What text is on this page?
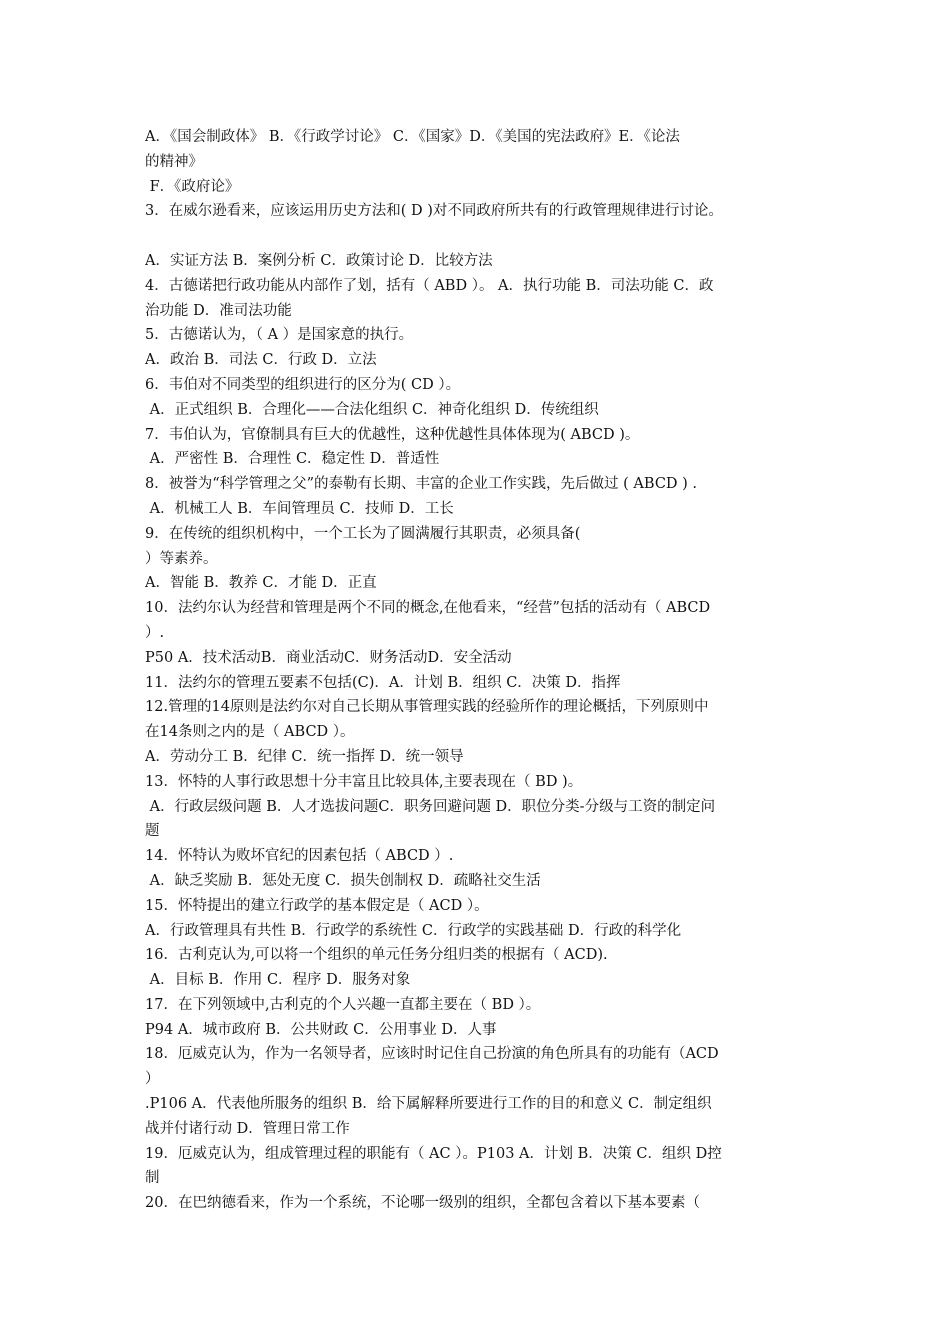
A．《国会制政体》 B．《行政学讨论》 C．《国家》D．《美国的宪法政府》E．《论法
的精神》
F．《政府论》
3．在威尔逊看来，应该运用历史方法和( D )对不同政府所共有的行政管理规律进行讨论。
A．实证方法 B．案例分析 C．政策讨论 D．比较方法
4．古德诺把行政功能从内部作了划，括有（ ABD ）。 A．执行功能 B．司法功能 C．政
治功能 D．准司法功能
5．古德诺认为，（ A ）是国家意的执行。
A．政治 B．司法 C．行政 D．立法
6．韦伯对不同类型的组织进行的区分为( CD ）。
A．正式组织 B．合理化——合法化组织 C．神奇化组织 D．传统组织
7．韦伯认为，官僚制具有巨大的优越性，这种优越性具体体现为( ABCD )。
A．严密性 B．合理性 C．稳定性 D．普适性
8．被誉为“科学管理之父”的泰勒有长期、丰富的企业工作实践，先后做过 ( ABCD ) .
A．机械工人 B．车间管理员 C．技师 D．工长
9．在传统的组织机构中，一个工长为了圆满履行其职责，必须具备(
）等素养。
A．智能 B．教养 C．才能 D．正直
10．法约尔认为经营和管理是两个不同的概念,在他看来，“经营”包括的活动有（ ABCD
）.
P50 A．技术活动B．商业活动C．财务活动D．安全活动
11．法约尔的管理五要素不包括(C)．A．计划 B．组织 C．决策 D．指挥
12.管理的14原则是法约尔对自己长期从事管理实践的经验所作的理论概括，下列原则中
在14条则之内的是（ ABCD ）。
A．劳动分工 B．纪律 C．统一指挥 D．统一领导
13．怀特的人事行政思想十分丰富且比较具体,主要表现在（ BD )。
A．行政层级问题 B．人才选拔问题C．职务回避问题 D．职位分类-分级与工资的制定问
题
14．怀特认为败坏官纪的因素包括（ ABCD ）.
A．缺乏奖励 B．惩处无度 C．损失创制权 D．疏略社交生活
15．怀特提出的建立行政学的基本假定是（ ACD ）。
A．行政管理具有共性 B．行政学的系统性 C．行政学的实践基础 D．行政的科学化
16．古利克认为,可以将一个组织的单元任务分组归类的根据有（ ACD).
A．目标 B．作用 C．程序 D．服务对象
17．在下列领域中,古利克的个人兴趣一直都主要在（ BD ）。
P94 A．城市政府 B．公共财政 C．公用事业 D．人事
18．厄威克认为，作为一名领导者，应该时时记住自己扮演的角色所具有的功能有（ACD
）
.P106 A．代表他所服务的组织 B．给下属解释所要进行工作的目的和意义 C．制定组织
战并付诸行动 D．管理日常工作
19．厄威克认为，组成管理过程的职能有（ AC ）。P103 A．计划 B．决策 C．组织 D控
制
20．在巴纳德看来，作为一个系统，不论哪一级别的组织，全都包含着以下基本要素（
